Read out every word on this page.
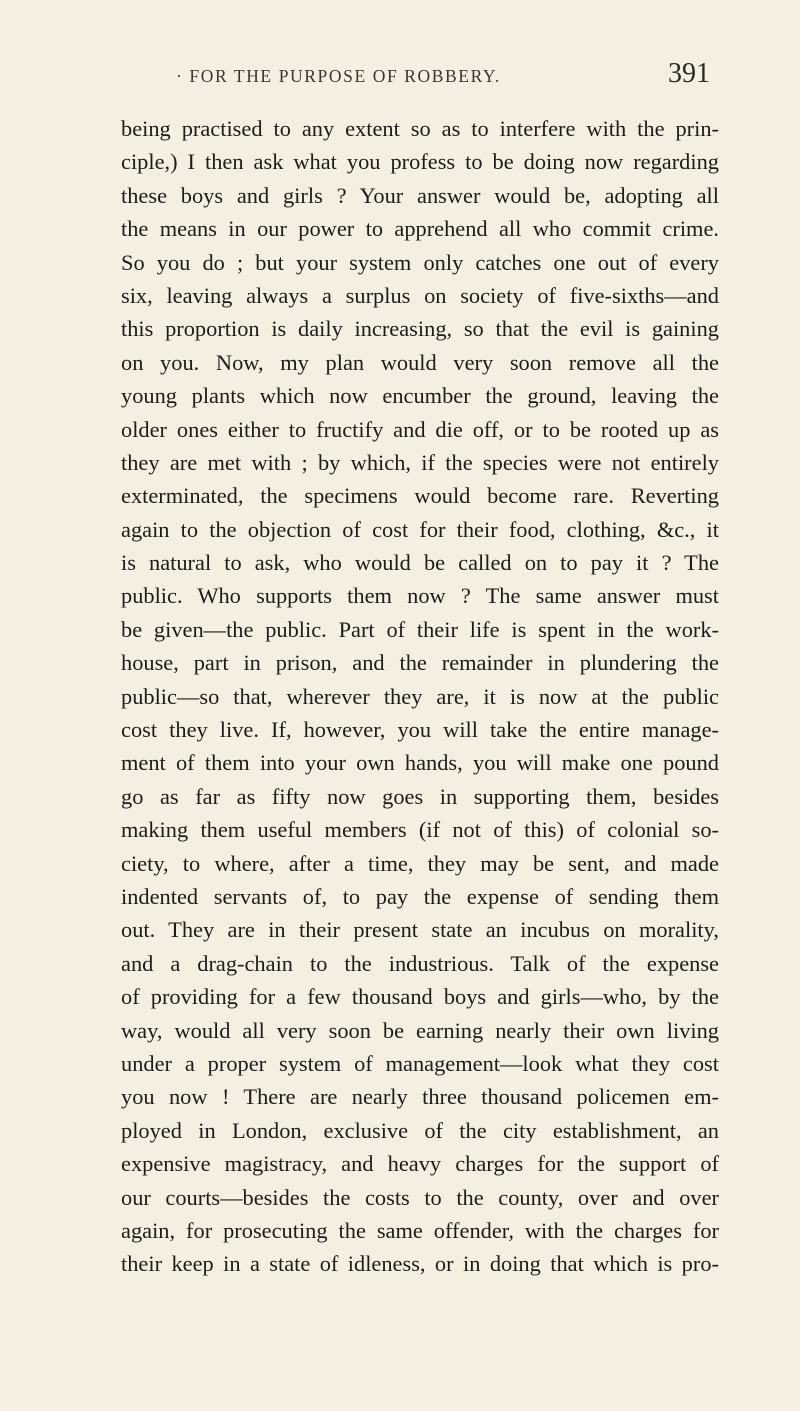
· FOR THE PURPOSE OF ROBBERY.	391
being practised to any extent so as to interfere with the prin-
ciple,) I then ask what you profess to be doing now regarding
these boys and girls ? Your answer would be, adopting all
the means in our power to apprehend all who commit crime.
So you do ; but your system only catches one out of every
six, leaving always a surplus on society of five-sixths—and
this proportion is daily increasing, so that the evil is gaining
on you. Now, my plan would very soon remove all the
young plants which now encumber the ground, leaving the
older ones either to fructify and die off, or to be rooted up as
they are met with ; by which, if the species were not entirely
exterminated, the specimens would become rare. Reverting
again to the objection of cost for their food, clothing, &c., it
is natural to ask, who would be called on to pay it ? The
public. Who supports them now ? The same answer must
be given—the public. Part of their life is spent in the work-
house, part in prison, and the remainder in plundering the
public—so that, wherever they are, it is now at the public
cost they live. If, however, you will take the entire manage-
ment of them into your own hands, you will make one pound
go as far as fifty now goes in supporting them, besides
making them useful members (if not of this) of colonial so-
ciety, to where, after a time, they may be sent, and made
indented servants of, to pay the expense of sending them
out. They are in their present state an incubus on morality,
and a drag-chain to the industrious. Talk of the expense
of providing for a few thousand boys and girls—who, by the
way, would all very soon be earning nearly their own living
under a proper system of management—look what they cost
you now ! There are nearly three thousand policemen em-
ployed in London, exclusive of the city establishment, an
expensive magistracy, and heavy charges for the support of
our courts—besides the costs to the county, over and over
again, for prosecuting the same offender, with the charges for
their keep in a state of idleness, or in doing that which is pro-
